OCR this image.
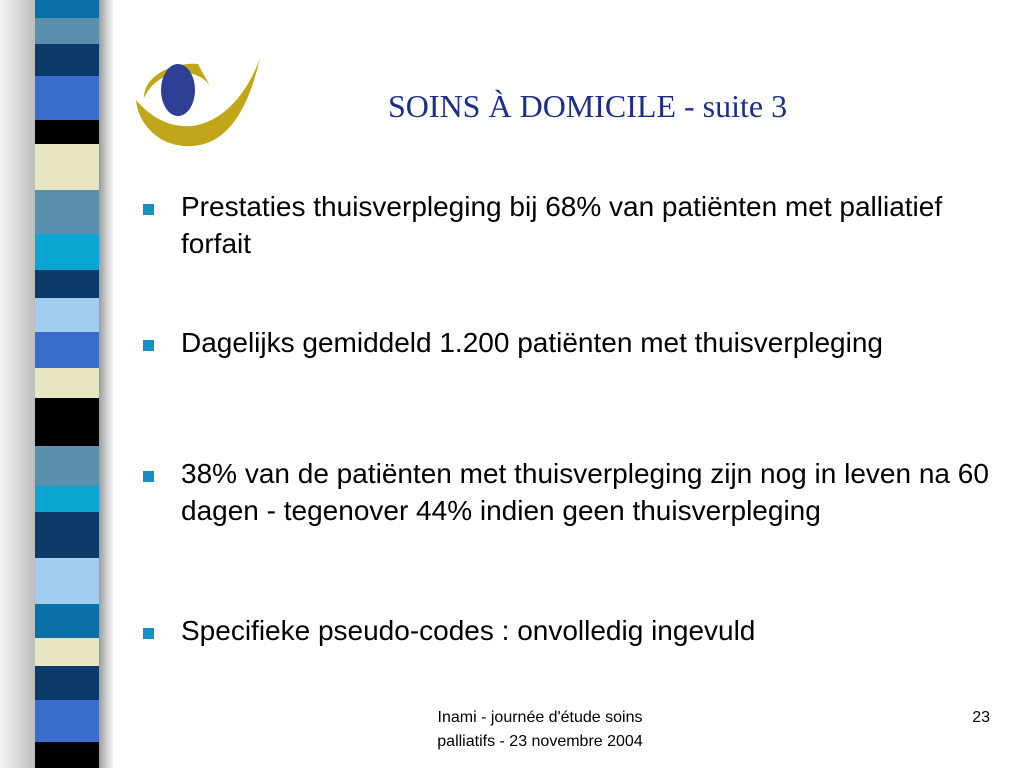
SOINS À DOMICILE - suite 3
Prestaties thuisverpleging bij 68% van patiënten met palliatief forfait
Dagelijks gemiddeld 1.200 patiënten met thuisverpleging
38% van de patiënten met thuisverpleging zijn nog in leven na 60 dagen - tegenover 44% indien geen thuisverpleging
Specifieke pseudo-codes : onvolledig ingevuld
Inami - journée d'étude soins
palliatifs - 23 novembre 2004
23
